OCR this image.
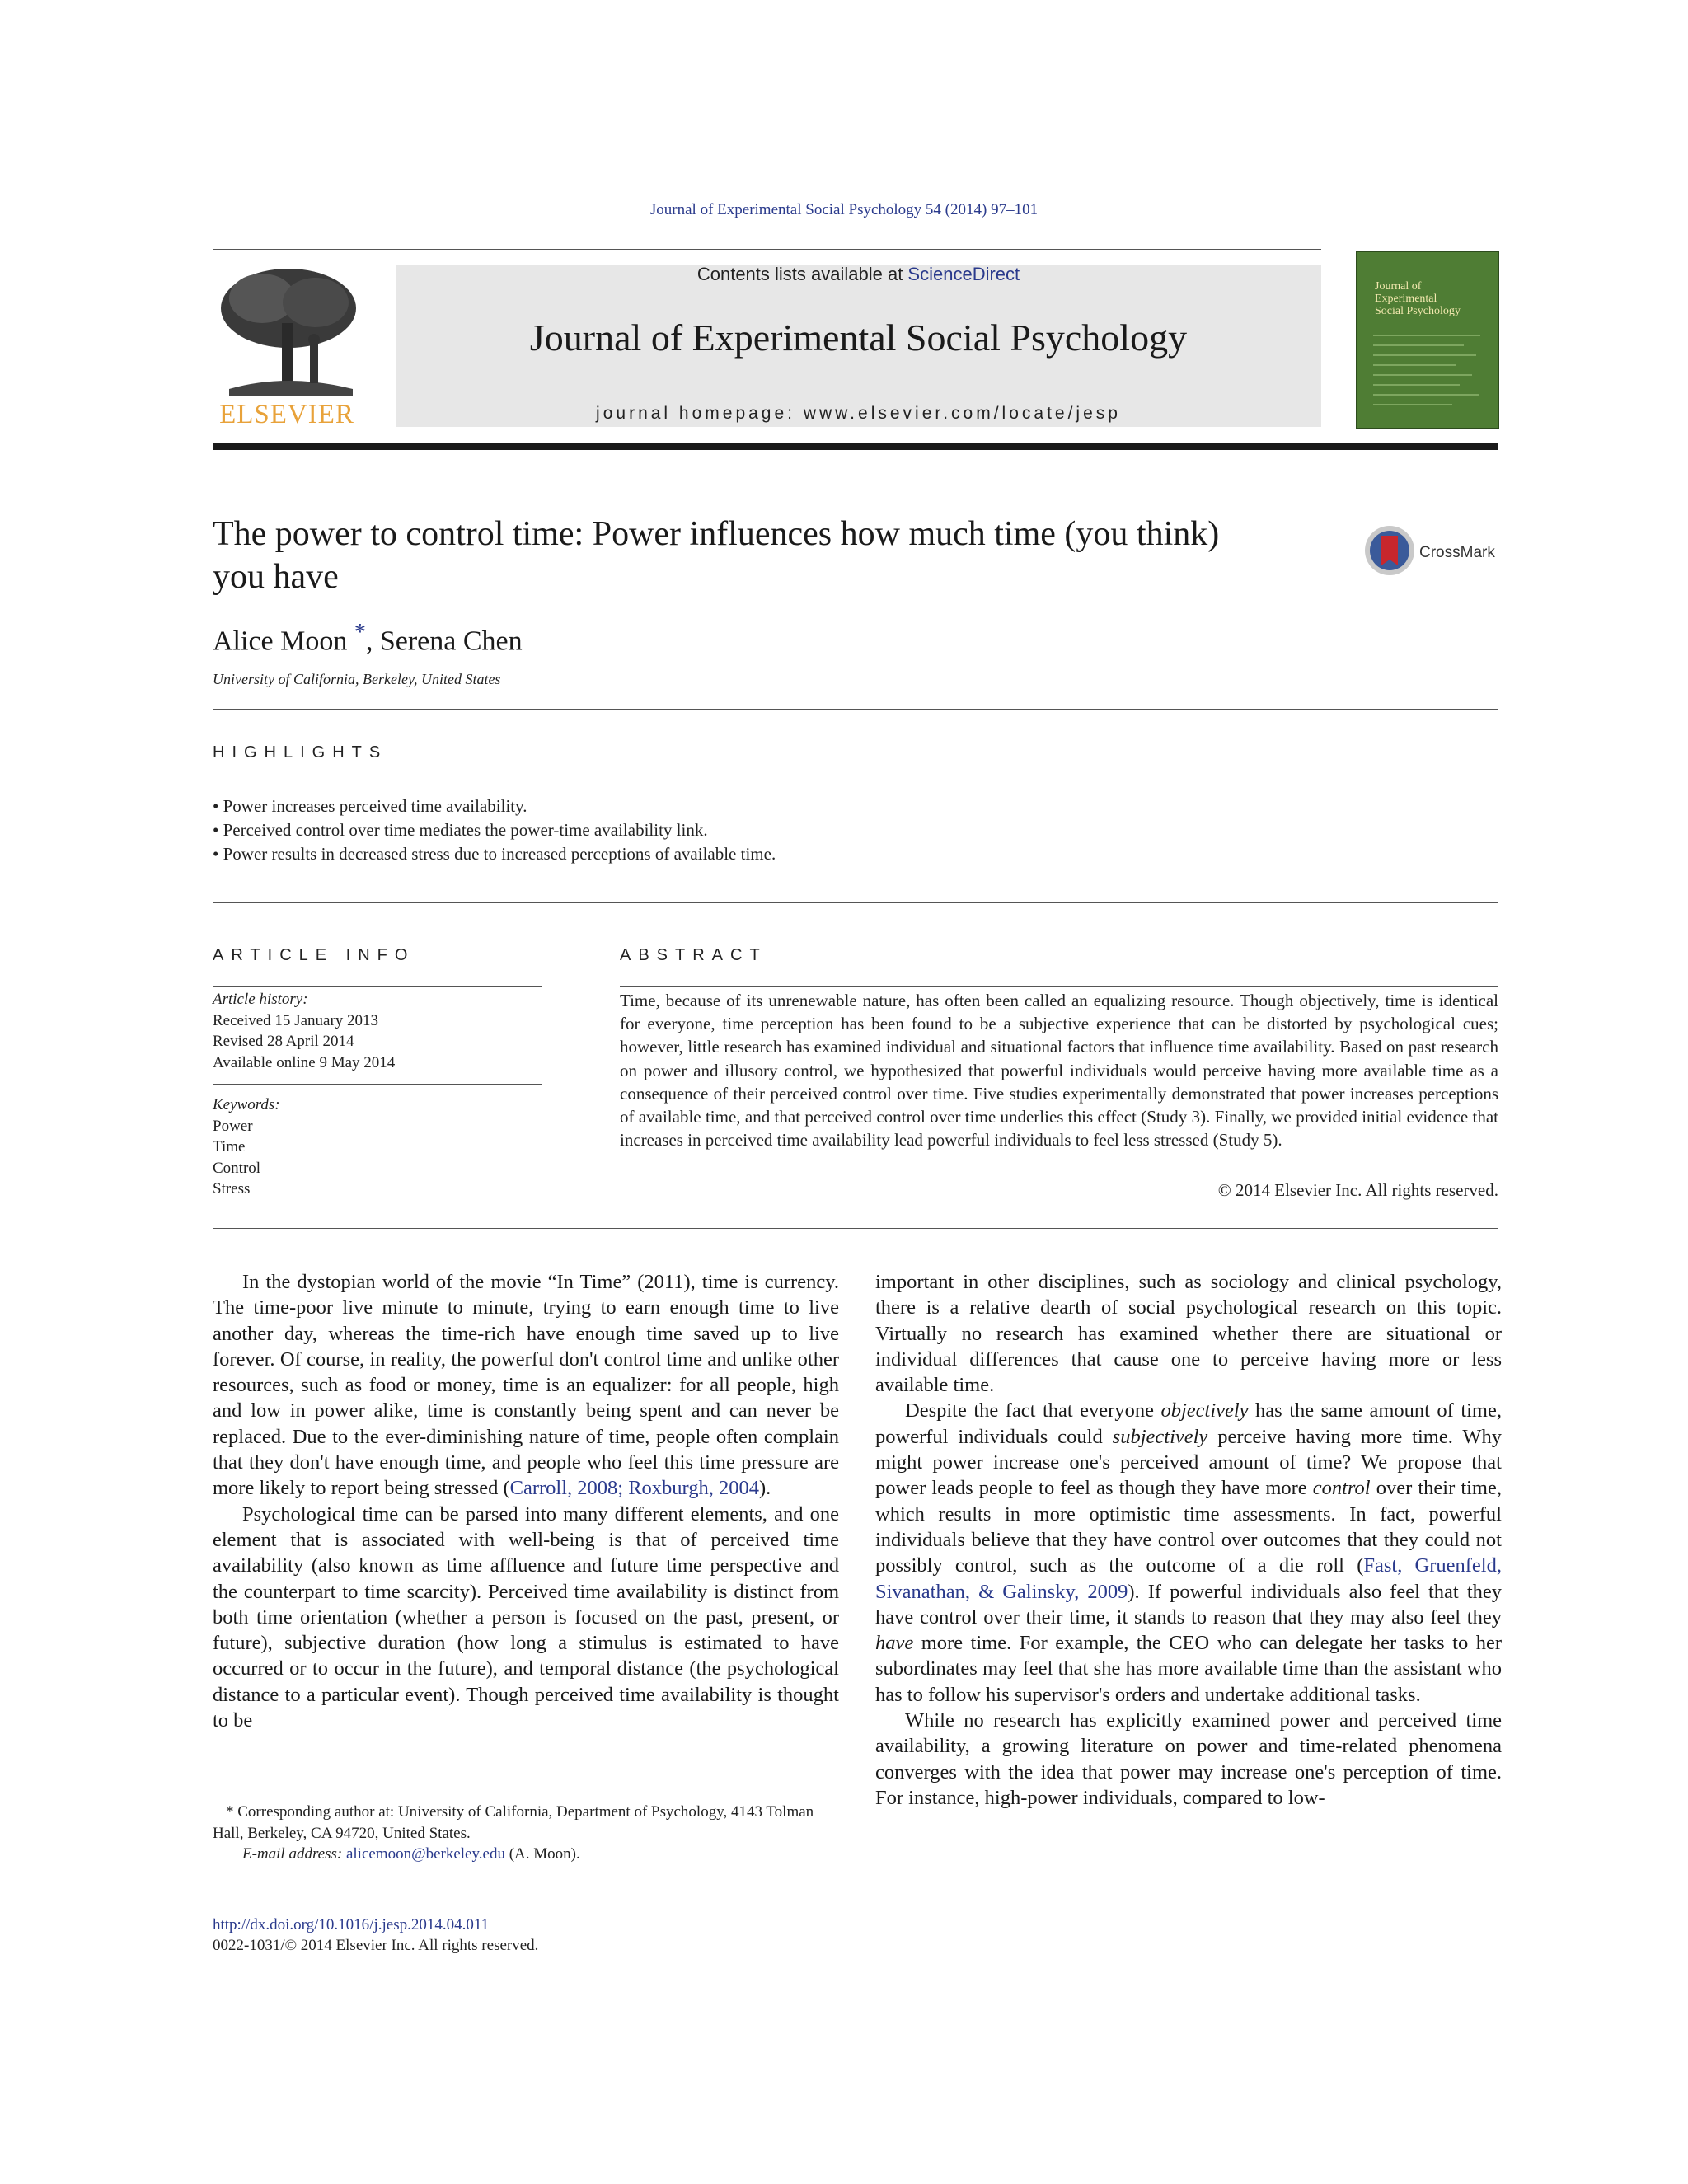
Journal of Experimental Social Psychology 54 (2014) 97–101
ELSEVIER
Contents lists available at ScienceDirect
Journal of Experimental Social Psychology
journal homepage: www.elsevier.com/locate/jesp
Journal of
Experimental
Social Psychology
The power to control time: Power influences how much time (you think)
you have
CrossMark
Alice Moon *, Serena Chen
University of California, Berkeley, United States
HIGHLIGHTS
• Power increases perceived time availability.
• Perceived control over time mediates the power-time availability link.
• Power results in decreased stress due to increased perceptions of available time.
ARTICLE INFO
Article history:
Received 15 January 2013
Revised 28 April 2014
Available online 9 May 2014
Keywords:
Power
Time
Control
Stress
ABSTRACT
Time, because of its unrenewable nature, has often been called an equalizing resource. Though objectively, time is identical for everyone, time perception has been found to be a subjective experience that can be distorted by psychological cues; however, little research has examined individual and situational factors that influence time availability. Based on past research on power and illusory control, we hypothesized that powerful individuals would perceive having more available time as a consequence of their perceived control over time. Five studies experimentally demonstrated that power increases perceptions of available time, and that perceived control over time underlies this effect (Study 3). Finally, we provided initial evidence that increases in perceived time availability lead powerful individuals to feel less stressed (Study 5).
© 2014 Elsevier Inc. All rights reserved.

In the dystopian world of the movie “In Time” (2011), time is currency. The time-poor live minute to minute, trying to earn enough time to live another day, whereas the time-rich have enough time saved up to live forever. Of course, in reality, the powerful don't control time and unlike other resources, such as food or money, time is an equalizer: for all people, high and low in power alike, time is constantly being spent and can never be replaced. Due to the ever-diminishing nature of time, people often complain that they don't have enough time, and people who feel this time pressure are more likely to report being stressed (Carroll, 2008; Roxburgh, 2004).

Psychological time can be parsed into many different elements, and one element that is associated with well-being is that of perceived time availability (also known as time affluence and future time perspective and the counterpart to time scarcity). Perceived time availability is distinct from both time orientation (whether a person is focused on the past, present, or future), subjective duration (how long a stimulus is estimated to have occurred or to occur in the future), and temporal distance (the psychological distance to a particular event). Though perceived time availability is thought to be

important in other disciplines, such as sociology and clinical psychology, there is a relative dearth of social psychological research on this topic. Virtually no research has examined whether there are situational or individual differences that cause one to perceive having more or less available time.

Despite the fact that everyone objectively has the same amount of time, powerful individuals could subjectively perceive having more time. Why might power increase one's perceived amount of time? We propose that power leads people to feel as though they have more control over their time, which results in more optimistic time assessments. In fact, powerful individuals believe that they have control over outcomes that they could not possibly control, such as the outcome of a die roll (Fast, Gruenfeld, Sivanathan, & Galinsky, 2009). If powerful individuals also feel that they have control over their time, it stands to reason that they may also feel they have more time. For example, the CEO who can delegate her tasks to her subordinates may feel that she has more available time than the assistant who has to follow his supervisor's orders and undertake additional tasks.

While no research has explicitly examined power and perceived time availability, a growing literature on power and time-related phenomena converges with the idea that power may increase one's perception of time. For instance, high-power individuals, compared to low-

* Corresponding author at: University of California, Department of Psychology, 4143 Tolman Hall, Berkeley, CA 94720, United States.
E-mail address: alicemoon@berkeley.edu (A. Moon).
http://dx.doi.org/10.1016/j.jesp.2014.04.011
0022-1031/© 2014 Elsevier Inc. All rights reserved.
